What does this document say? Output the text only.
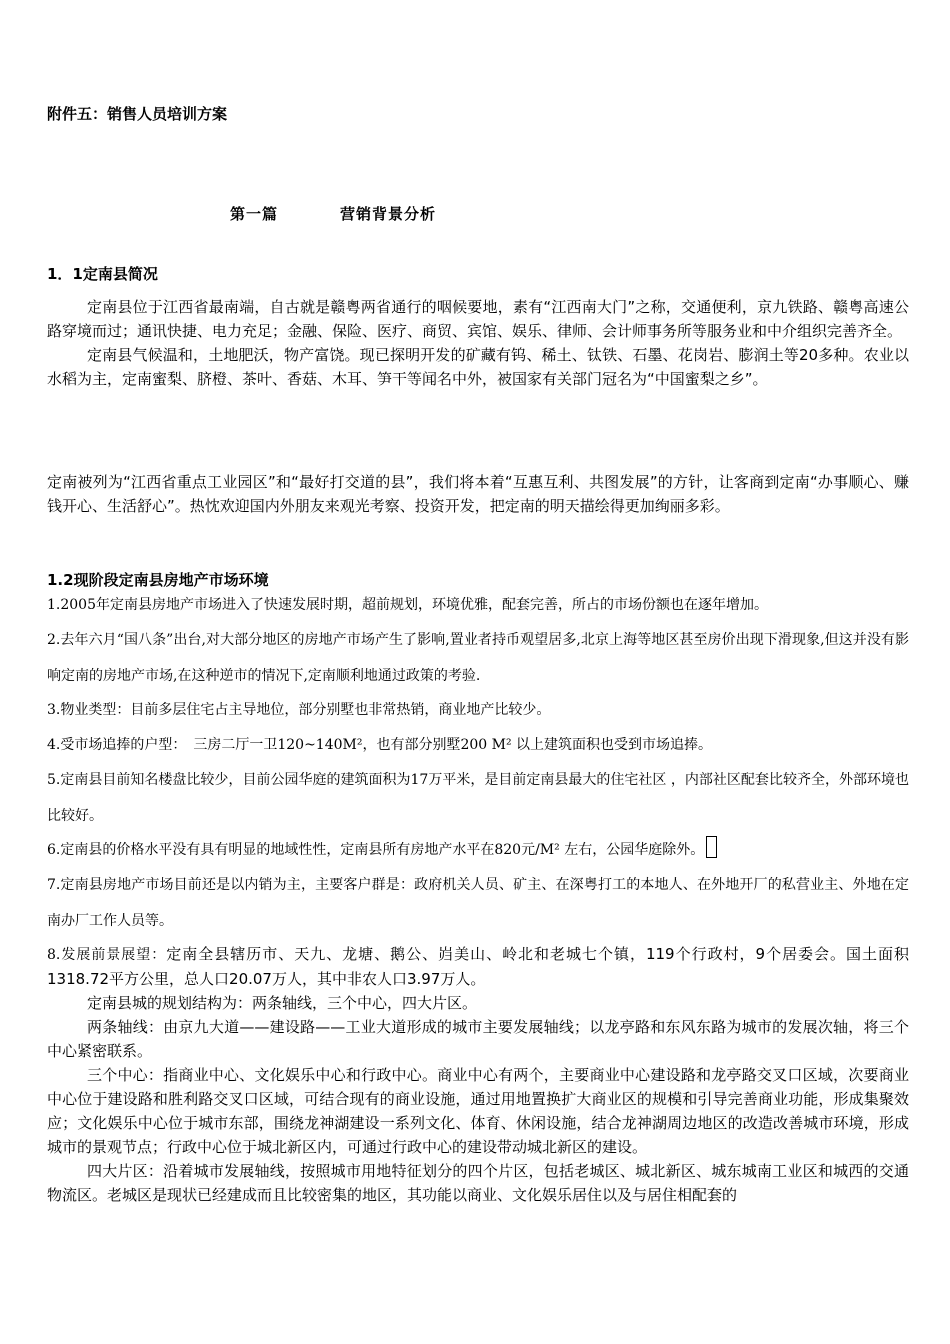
附件五：销售人员培训方案
第一篇	营销背景分析
1．1定南县简况

定南县位于江西省最南端，自古就是赣粤两省通行的咽候要地，素有“江西南大门”之称，交通便利，京九铁路、赣粤高速公路穿境而过；通讯快捷、电力充足；金融、保险、医疗、商贸、宾馆、娱乐、律师、会计师事务所等服务业和中介组织完善齐全。

定南县气候温和，土地肥沃，物产富饶。现已探明开发的矿藏有钨、稀土、钛铁、石墨、花岗岩、膨润土等20多种。农业以水稻为主，定南蜜梨、脐橙、茶叶、香菇、木耳、笋干等闻名中外，被国家有关部门冠名为“中国蜜梨之乡”。

定南被列为“江西省重点工业园区”和“最好打交道的县”，我们将本着“互惠互利、共图发展”的方针，让客商到定南“办事顺心、赚钱开心、生活舒心”。热忱欢迎国内外朋友来观光考察、投资开发，把定南的明天描绘得更加绚丽多彩。

1.2现阶段定南县房地产市场环境
1.2005年定南县房地产市场进入了快速发展时期，超前规划，环境优雅，配套完善，所占的市场份额也在逐年增加。
2.去年六月“国八条”出台,对大部分地区的房地产市场产生了影响,置业者持币观望居多,北京上海等地区甚至房价出现下滑现象,但这并没有影响定南的房地产市场,在这种逆市的情况下,定南顺利地通过政策的考验.
3.物业类型：目前多层住宅占主导地位，部分别墅也非常热销，商业地产比较少。
4.受市场追捧的户型：　三房二厅一卫120~140M²，也有部分别墅200 M² 以上建筑面积也受到市场追捧。
5.定南县目前知名楼盘比较少，目前公园华庭的建筑面积为17万平米，是目前定南县最大的住宅社区 ，内部社区配套比较齐全，外部环境也比较好。
6.定南县的价格水平没有具有明显的地域性性，定南县所有房地产水平在820元/M² 左右，公园华庭除外。
7.定南县房地产市场目前还是以内销为主，主要客户群是：政府机关人员、矿主、在深粤打工的本地人、在外地开厂的私营业主、外地在定南办厂工作人员等。

8.发展前景展望：定南全县辖历市、天九、龙塘、鹅公、岿美山、岭北和老城七个镇，119个行政村，9个居委会。国土面积1318.72平方公里，总人口20.07万人，其中非农人口3.97万人。

定南县城的规划结构为：两条轴线，三个中心，四大片区。

两条轴线：由京九大道——建设路——工业大道形成的城市主要发展轴线；以龙亭路和东风东路为城市的发展次轴，将三个中心紧密联系。

三个中心：指商业中心、文化娱乐中心和行政中心。商业中心有两个，主要商业中心建设路和龙亭路交叉口区域，次要商业中心位于建设路和胜利路交叉口区域，可结合现有的商业设施，通过用地置换扩大商业区的规模和引导完善商业功能，形成集聚效应；文化娱乐中心位于城市东部，围绕龙神湖建设一系列文化、体育、休闲设施，结合龙神湖周边地区的改造改善城市环境，形成城市的景观节点；行政中心位于城北新区内，可通过行政中心的建设带动城北新区的建设。

四大片区：沿着城市发展轴线，按照城市用地特征划分的四个片区，包括老城区、城北新区、城东城南工业区和城西的交通物流区。老城区是现状已经建成而且比较密集的地区，其功能以商业、文化娱乐居住以及与居住相配套的
